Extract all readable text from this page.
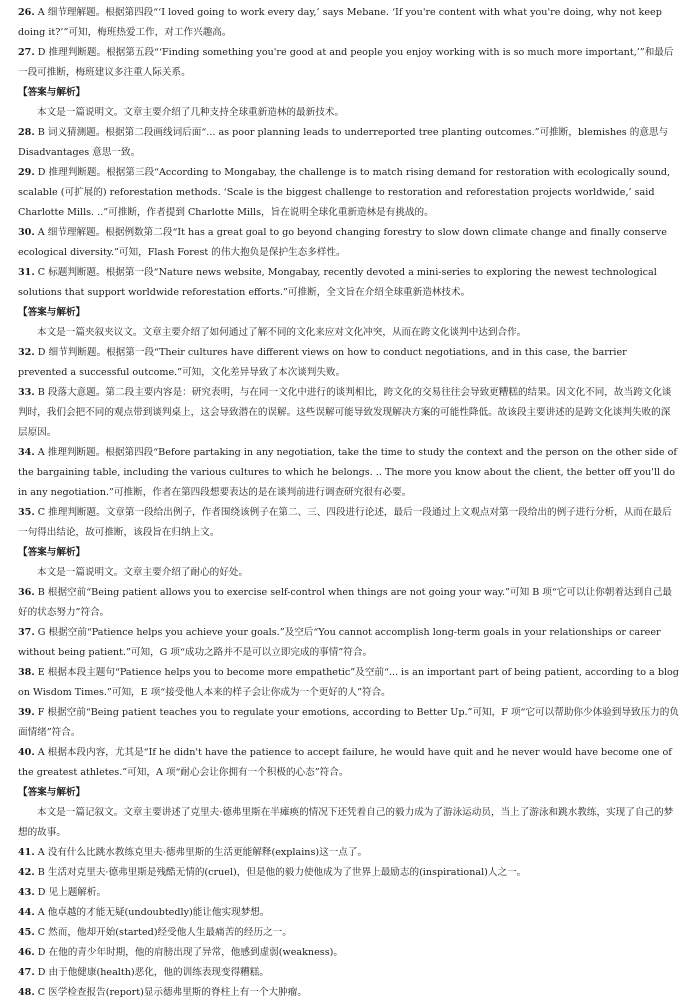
26. A 细节理解题。根据第四段“‘I loved going to work every day,’ says Mebane. ‘If you're content with what you're doing, why not keep doing it?’”可知，梅班热爱工作，对工作兴趣高。
27. D 推理判断题。根据第五段“‘Finding something you're good at and people you enjoy working with is so much more important,’”和最后一段可推断，梅班建议多注重人际关系。
【答案与解析】
本文是一篇说明文。文章主要介绍了几种支持全球重新造林的最新技术。
28. B 词义猜测题。根据第二段画线词后面“... as poor planning leads to underreported tree planting outcomes.”可推断，blemishes 的意思与 Disadvantages 意思一致。
29. D 推理判断题。根据第三段“According to Mongabay, the challenge is to match rising demand for restoration with ecologically sound, scalable (可扩展的) reforestation methods. ‘Scale is the biggest challenge to restoration and reforestation projects worldwide,’ said Charlotte Mills. ..”可推断，作者提到 Charlotte Mills，旨在说明全球化重新造林是有挑战的。
30. A 细节理解题。根据例数第二段“It has a great goal to go beyond changing forestry to slow down climate change and finally conserve ecological diversity.”可知，Flash Forest 的伟大抱负是保护生态多样性。
31. C 标题判断题。根据第一段“Nature news website, Mongabay, recently devoted a mini-series to exploring the newest technological solutions that support worldwide reforestation efforts.”可推断，全文旨在介绍全球重新造林技术。
【答案与解析】
本文是一篇夹叙夹议文。文章主要介绍了如何通过了解不同的文化来应对文化冲突，从而在跨文化谈判中达到合作。
32. D 细节判断题。根据第一段“Their cultures have different views on how to conduct negotiations, and in this case, the barrier prevented a successful outcome.”可知，文化差异导致了本次谈判失败。
33. B 段落大意题。第二段主要内容是：研究表明，与在同一文化中进行的谈判相比，跨文化的交易往往会导致更糟糕的结果。因文化不同，故当跨文化谈判时，我们会把不同的观点带到谈判桌上，这会导致潜在的误解。这些误解可能导致发现解决方案的可能性降低。故该段主要讲述的是跨文化谈判失败的深层原因。
34. A 推理判断题。根据第四段“Before partaking in any negotiation, take the time to study the context and the person on the other side of the bargaining table, including the various cultures to which he belongs. .. The more you know about the client, the better off you'll do in any negotiation.”可推断，作者在第四段想要表达的是在谈判前进行调查研究很有必要。
35. C 推理判断题。文章第一段给出例子，作者围绕该例子在第二、三、四段进行论述，最后一段通过上文观点对第一段给出的例子进行分析，从而在最后一句得出结论，故可推断，该段旨在归纳上文。
【答案与解析】
本文是一篇说明文。文章主要介绍了耐心的好处。
36. B 根据空前“Being patient allows you to exercise self-control when things are not going your way.”可知 B 项“它可以让你朝着达到自己最好的状态努力”符合。
37. G 根据空前“Patience helps you achieve your goals.”及空后“You cannot accomplish long-term goals in your relationships or career without being patient.”可知，G 项“成功之路并不是可以立即完成的事情”符合。
38. E 根据本段主题句“Patience helps you to become more empathetic”及空前“... is an important part of being patient, according to a blog on Wisdom Times.”可知，E 项“接受他人本来的样子会让你成为一个更好的人”符合。
39. F 根据空前“Being patient teaches you to regulate your emotions, according to Better Up.”可知，F 项“它可以帮助你少体验到导致压力的负面情绪”符合。
40. A 根据本段内容，尤其是“If he didn't have the patience to accept failure, he would have quit and he never would have become one of the greatest athletes.”可知，A 项“耐心会让你拥有一个积极的心态”符合。
【答案与解析】
本文是一篇记叙文。文章主要讲述了克里夫·德弗里斯在半瘫痪的情况下还凭着自己的毅力成为了游泳运动员，当上了游泳和跳水教练，实现了自己的梦想的故事。
41. A 没有什么比跳水教练克里夫·德弗里斯的生活更能解释(explains)这一点了。
42. B 生活对克里夫·德弗里斯是残酷无情的(cruel)，但是他的毅力使他成为了世界上最励志的(inspirational)人之一。
43. D 见上题解析。
44. A 他卓越的才能无疑(undoubtedly)能让他实现梦想。
45. C 然而，他却开始(started)经受他人生最痛苦的经历之一。
46. D 在他的青少年时期，他的肩膀出现了异常，他感到虚弱(weakness)。
47. D 由于他健康(health)恶化，他的训练表现变得糟糕。
48. C 医学检查报告(report)显示德弗里斯的脊柱上有一个大肿瘤。
